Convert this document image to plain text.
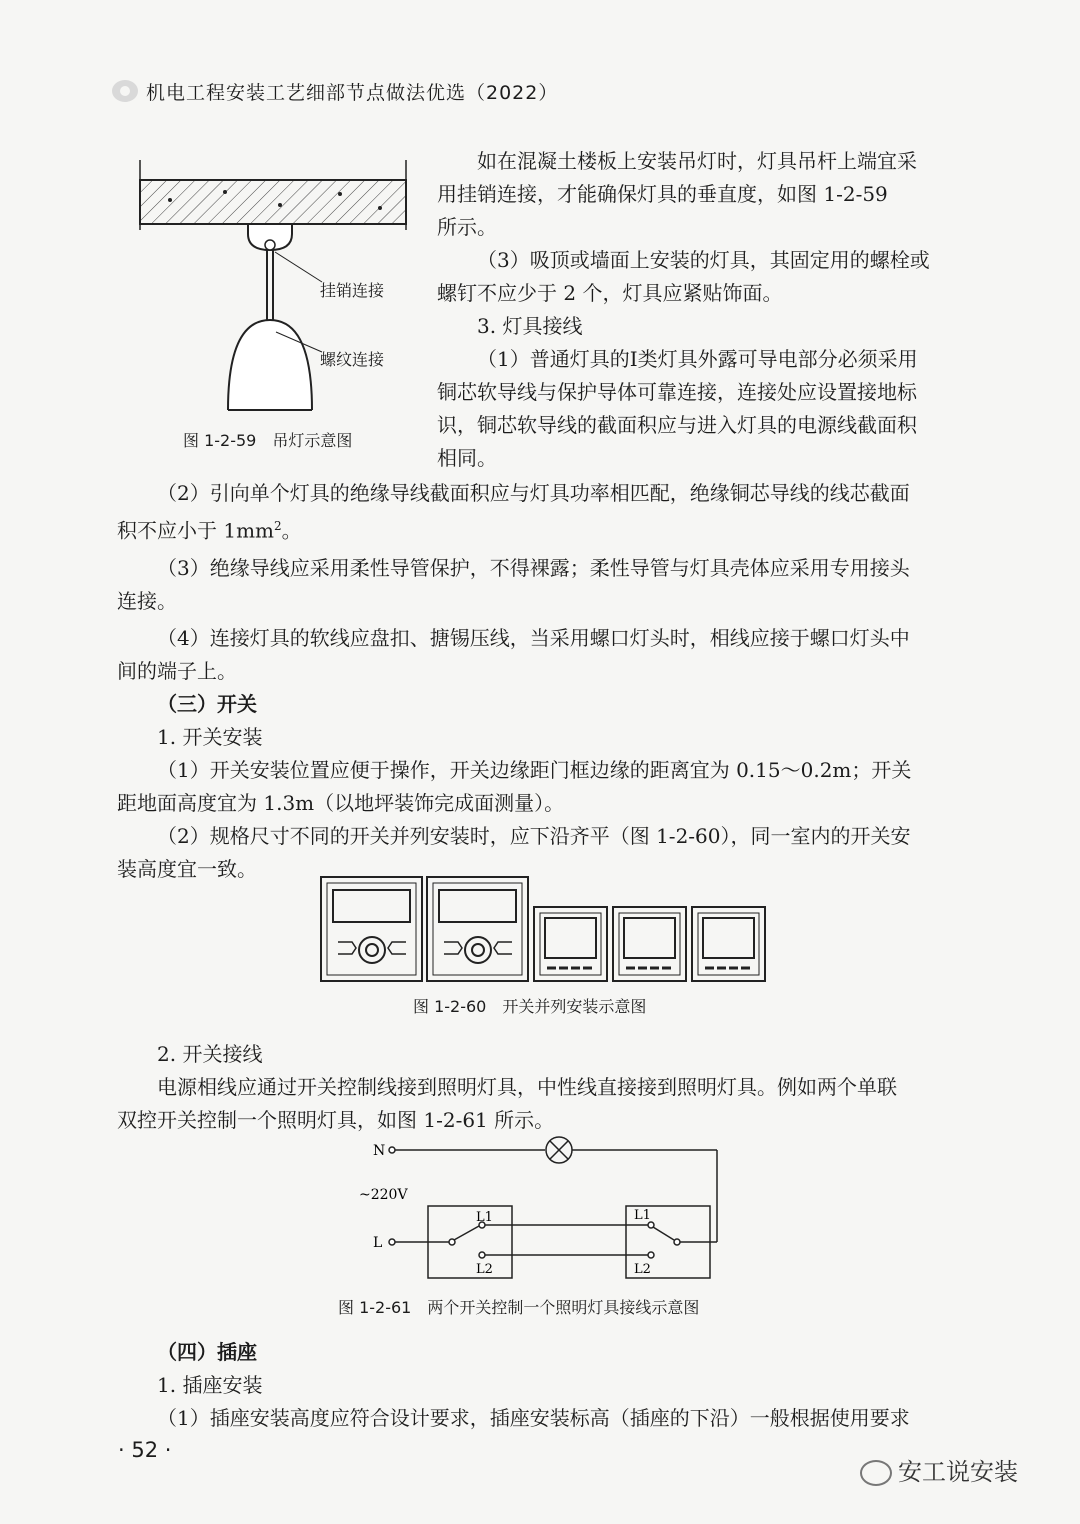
机电工程安装工艺细部节点做法优选（2022）
挂销连接
螺纹连接
图 1-2-59　吊灯示意图

如在混凝土楼板上安装吊灯时，灯具吊杆上端宜采

用挂销连接，才能确保灯具的垂直度，如图 1-2-59

所示。

（3）吸顶或墙面上安装的灯具，其固定用的螺栓或

螺钉不应少于 2 个，灯具应紧贴饰面。

3. 灯具接线

（1）普通灯具的Ⅰ类灯具外露可导电部分必须采用

铜芯软导线与保护导体可靠连接，连接处应设置接地标

识，铜芯软导线的截面积应与进入灯具的电源线截面积

相同。

（2）引向单个灯具的绝缘导线截面积应与灯具功率相匹配，绝缘铜芯导线的线芯截面

积不应小于 $1mm^2$。

（3）绝缘导线应采用柔性导管保护，不得裸露；柔性导管与灯具壳体应采用专用接头

连接。

（4）连接灯具的软线应盘扣、搪锡压线，当采用螺口灯头时，相线应接于螺口灯头中

间的端子上。

（三）开关

1. 开关安装

（1）开关安装位置应便于操作，开关边缘距门框边缘的距离宜为 0.15～0.2m；开关

距地面高度宜为 1.3m（以地坪装饰完成面测量）。

（2）规格尺寸不同的开关并列安装时，应下沿齐平（图 1-2-60），同一室内的开关安

装高度宜一致。

图 1-2-60　开关并列安装示意图

2. 开关接线

电源相线应通过开关控制线接到照明灯具，中性线直接接到照明灯具。例如两个单联

双控开关控制一个照明灯具，如图 1-2-61 所示。

N
~220V
L
L1
L2
L1
L2
图 1-2-61　两个开关控制一个照明灯具接线示意图

（四）插座

1. 插座安装

（1）插座安装高度应符合设计要求，插座安装标高（插座的下沿）一般根据使用要求

· 52 ·
安工说安装
